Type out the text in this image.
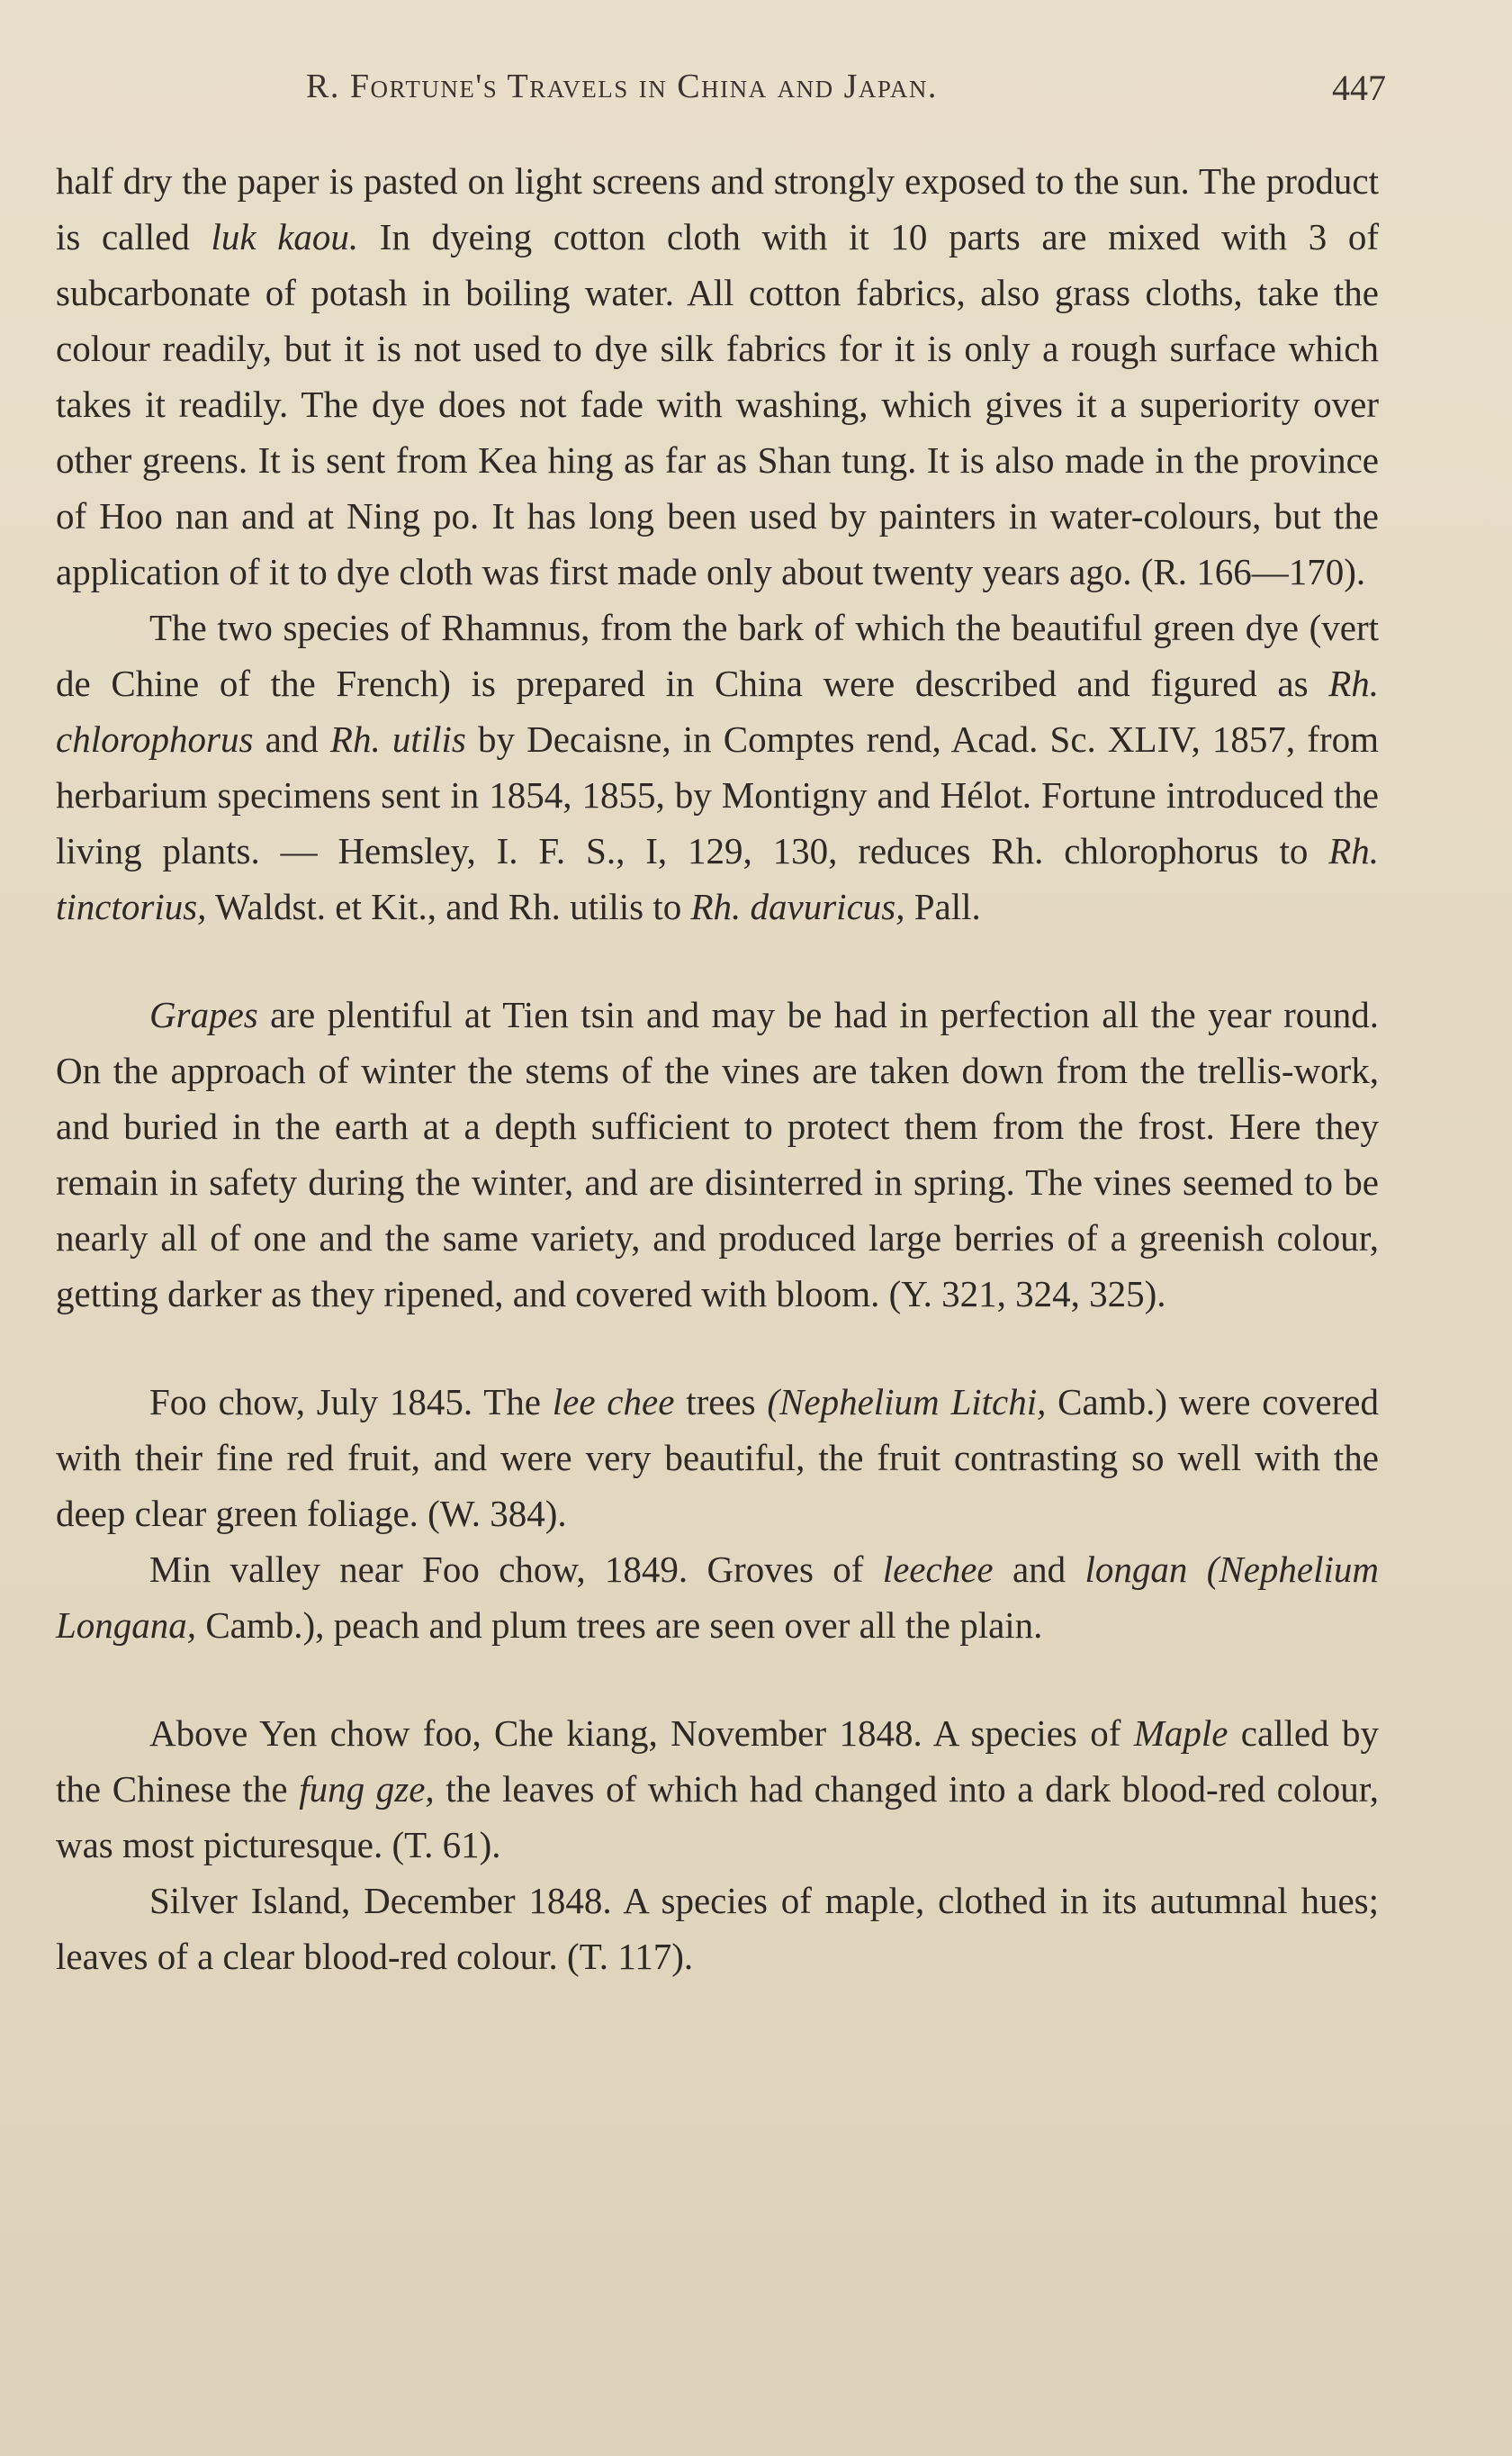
R. Fortune's Travels in China and Japan.	447

half dry the paper is pasted on light screens and strongly exposed to the sun. The product is called luk kaou. In dyeing cotton cloth with it 10 parts are mixed with 3 of subcarbonate of potash in boiling water. All cotton fabrics, also grass cloths, take the colour readily, but it is not used to dye silk fabrics for it is only a rough surface which takes it readily. The dye does not fade with washing, which gives it a superiority over other greens. It is sent from Kea hing as far as Shan tung. It is also made in the province of Hoo nan and at Ning po. It has long been used by painters in water-colours, but the application of it to dye cloth was first made only about twenty years ago. (R. 166—170).

The two species of Rhamnus, from the bark of which the beautiful green dye (vert de Chine of the French) is prepared in China were described and figured as Rh. chlorophorus and Rh. utilis by Decaisne, in Comptes rend, Acad. Sc. XLIV, 1857, from herbarium specimens sent in 1854, 1855, by Montigny and Hélot. Fortune introduced the living plants. — Hemsley, I. F. S., I, 129, 130, reduces Rh. chlorophorus to Rh. tinctorius, Waldst. et Kit., and Rh. utilis to Rh. davuricus, Pall.

Grapes are plentiful at Tien tsin and may be had in perfection all the year round. On the approach of winter the stems of the vines are taken down from the trellis-work, and buried in the earth at a depth sufficient to protect them from the frost. Here they remain in safety during the winter, and are disinterred in spring. The vines seemed to be nearly all of one and the same variety, and produced large berries of a greenish colour, getting darker as they ripened, and covered with bloom. (Y. 321, 324, 325).

Foo chow, July 1845. The lee chee trees (Nephelium Litchi, Camb.) were covered with their fine red fruit, and were very beautiful, the fruit contrasting so well with the deep clear green foliage. (W. 384).

Min valley near Foo chow, 1849. Groves of leechee and longan (Nephelium Longana, Camb.), peach and plum trees are seen over all the plain.

Above Yen chow foo, Che kiang, November 1848. A species of Maple called by the Chinese the fung gze, the leaves of which had changed into a dark blood-red colour, was most picturesque. (T. 61).

Silver Island, December 1848. A species of maple, clothed in its autumnal hues; leaves of a clear blood-red colour. (T. 117).
